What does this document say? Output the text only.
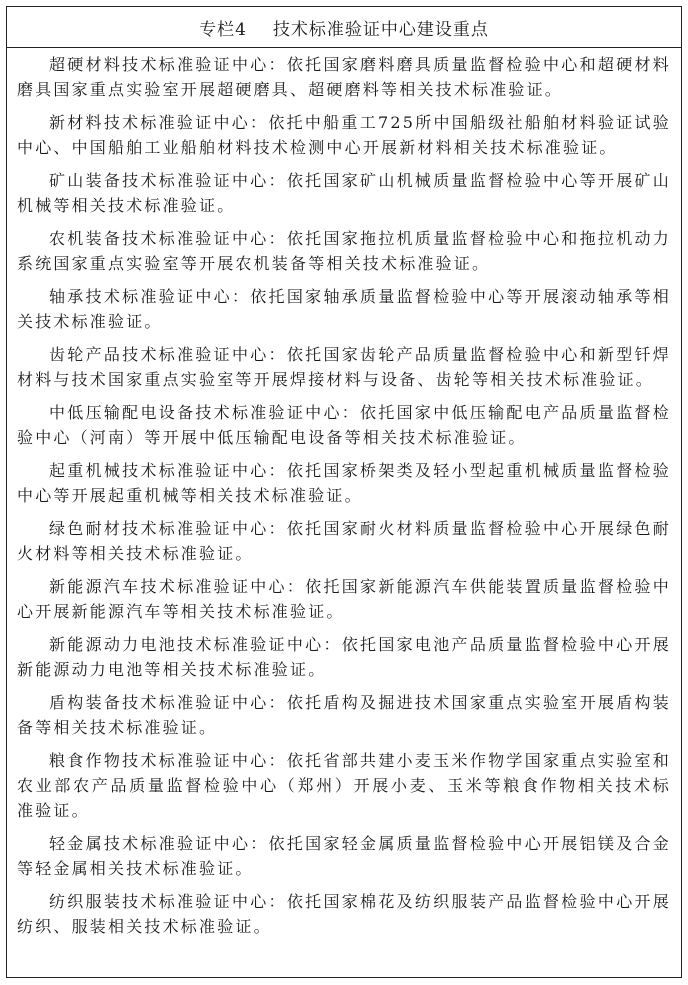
专栏4 技术标准验证中心建设重点

超硬材料技术标准验证中心：依托国家磨料磨具质量监督检验中心和超硬材料磨具国家重点实验室开展超硬磨具、超硬磨料等相关技术标准验证。

新材料技术标准验证中心：依托中船重工725所中国船级社船舶材料验证试验中心、中国船舶工业船舶材料技术检测中心开展新材料相关技术标准验证。

矿山装备技术标准验证中心：依托国家矿山机械质量监督检验中心等开展矿山机械等相关技术标准验证。

农机装备技术标准验证中心：依托国家拖拉机质量监督检验中心和拖拉机动力系统国家重点实验室等开展农机装备等相关技术标准验证。

轴承技术标准验证中心：依托国家轴承质量监督检验中心等开展滚动轴承等相关技术标准验证。

齿轮产品技术标准验证中心：依托国家齿轮产品质量监督检验中心和新型钎焊材料与技术国家重点实验室等开展焊接材料与设备、齿轮等相关技术标准验证。

中低压输配电设备技术标准验证中心：依托国家中低压输配电产品质量监督检验中心（河南）等开展中低压输配电设备等相关技术标准验证。

起重机械技术标准验证中心：依托国家桥架类及轻小型起重机械质量监督检验中心等开展起重机械等相关技术标准验证。

绿色耐材技术标准验证中心：依托国家耐火材料质量监督检验中心开展绿色耐火材料等相关技术标准验证。

新能源汽车技术标准验证中心：依托国家新能源汽车供能装置质量监督检验中心开展新能源汽车等相关技术标准验证。

新能源动力电池技术标准验证中心：依托国家电池产品质量监督检验中心开展新能源动力电池等相关技术标准验证。

盾构装备技术标准验证中心：依托盾构及掘进技术国家重点实验室开展盾构装备等相关技术标准验证。

粮食作物技术标准验证中心：依托省部共建小麦玉米作物学国家重点实验室和农业部农产品质量监督检验中心（郑州）开展小麦、玉米等粮食作物相关技术标准验证。

轻金属技术标准验证中心：依托国家轻金属质量监督检验中心开展铝镁及合金等轻金属相关技术标准验证。

纺织服装技术标准验证中心：依托国家棉花及纺织服装产品监督检验中心开展纺织、服装相关技术标准验证。
